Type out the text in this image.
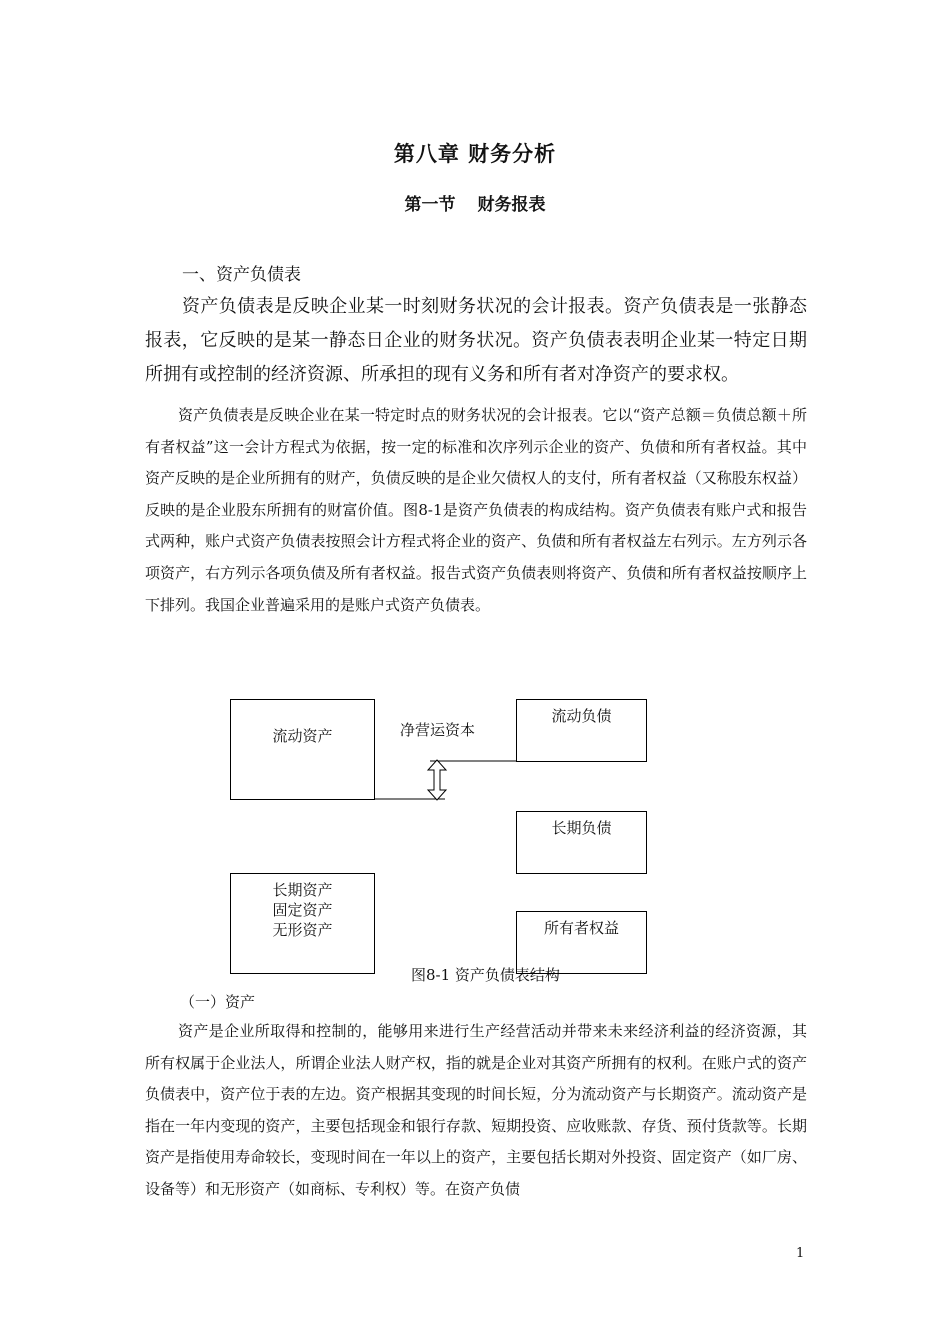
第八章 财务分析
第一节 财务报表
一、资产负债表

资产负债表是反映企业某一时刻财务状况的会计报表。资产负债表是一张静态报表，它反映的是某一静态日企业的财务状况。资产负债表表明企业某一特定日期所拥有或控制的经济资源、所承担的现有义务和所有者对净资产的要求权。

资产负债表是反映企业在某一特定时点的财务状况的会计报表。它以“资产总额＝负债总额＋所有者权益”这一会计方程式为依据，按一定的标准和次序列示企业的资产、负债和所有者权益。其中资产反映的是企业所拥有的财产，负债反映的是企业欠债权人的支付，所有者权益（又称股东权益）反映的是企业股东所拥有的财富价值。图8-1是资产负债表的构成结构。资产负债表有账户式和报告式两种，账户式资产负债表按照会计方程式将企业的资产、负债和所有者权益左右列示。左方列示各项资产，右方列示各项负债及所有者权益。报告式资产负债表则将资产、负债和所有者权益按顺序上下排列。我国企业普遍采用的是账户式资产负债表。

流动资产	净营运资本
流动负债
长期负债
长期资产
固定资产
无形资产
图8-1 资产负债表结构
所有者权益
（一）资产

资产是企业所取得和控制的，能够用来进行生产经营活动并带来未来经济利益的经济资源，其所有权属于企业法人，所谓企业法人财产权，指的就是企业对其资产所拥有的权利。在账户式的资产负债表中，资产位于表的左边。资产根据其变现的时间长短，分为流动资产与长期资产。流动资产是指在一年内变现的资产，主要包括现金和银行存款、短期投资、应收账款、存货、预付货款等。长期资产是指使用寿命较长，变现时间在一年以上的资产，主要包括长期对外投资、固定资产（如厂房、设备等）和无形资产（如商标、专利权）等。在资产负债

1
